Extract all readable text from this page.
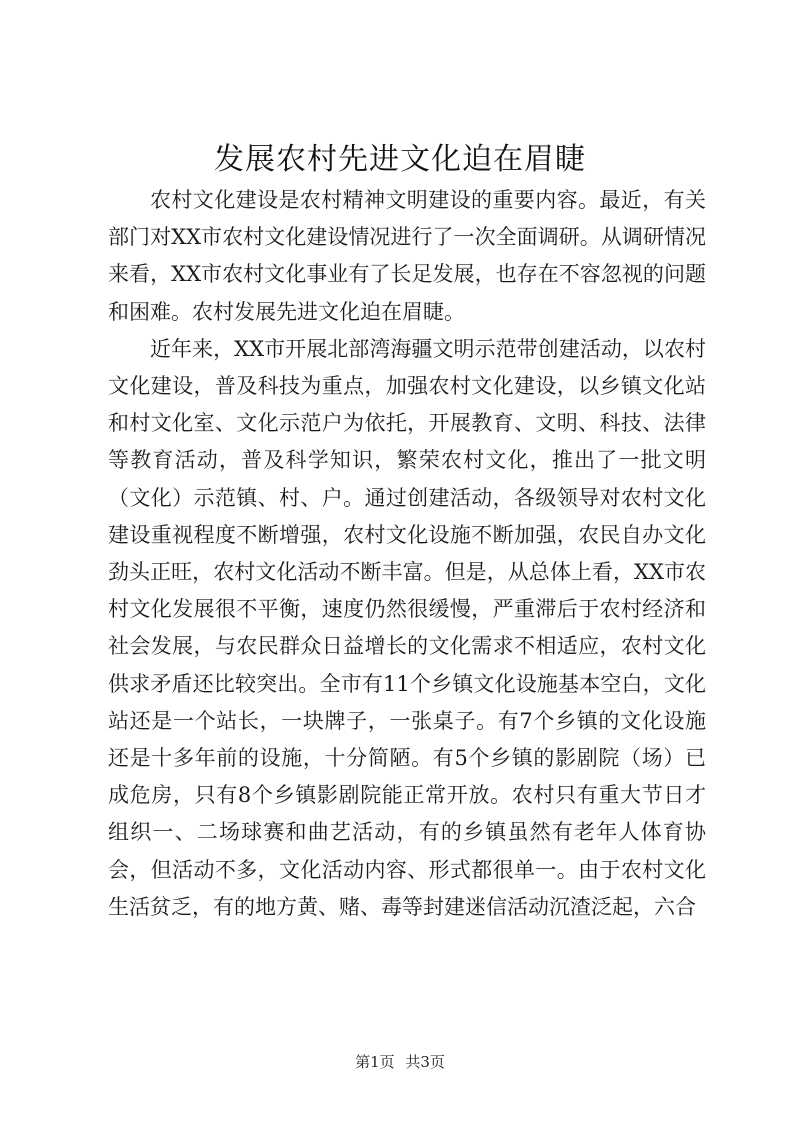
发展农村先进文化迫在眉睫

农村文化建设是农村精神文明建设的重要内容。最近，有关部门对XX市农村文化建设情况进行了一次全面调研。从调研情况来看，XX市农村文化事业有了长足发展，也存在不容忽视的问题和困难。农村发展先进文化迫在眉睫。

近年来，XX市开展北部湾海疆文明示范带创建活动，以农村文化建设，普及科技为重点，加强农村文化建设，以乡镇文化站和村文化室、文化示范户为依托，开展教育、文明、科技、法律等教育活动，普及科学知识，繁荣农村文化，推出了一批文明（文化）示范镇、村、户。通过创建活动，各级领导对农村文化建设重视程度不断增强，农村文化设施不断加强，农民自办文化劲头正旺，农村文化活动不断丰富。但是，从总体上看，XX市农村文化发展很不平衡，速度仍然很缓慢，严重滞后于农村经济和社会发展，与农民群众日益增长的文化需求不相适应，农村文化供求矛盾还比较突出。全市有11个乡镇文化设施基本空白，文化站还是一个站长，一块牌子，一张桌子。有7个乡镇的文化设施还是十多年前的设施，十分简陋。有5个乡镇的影剧院（场）已成危房，只有8个乡镇影剧院能正常开放。农村只有重大节日才组织一、二场球赛和曲艺活动，有的乡镇虽然有老年人体育协会，但活动不多，文化活动内容、形式都很单一。由于农村文化生活贫乏，有的地方黄、赌、毒等封建迷信活动沉渣泛起，六合

第1页 共3页
